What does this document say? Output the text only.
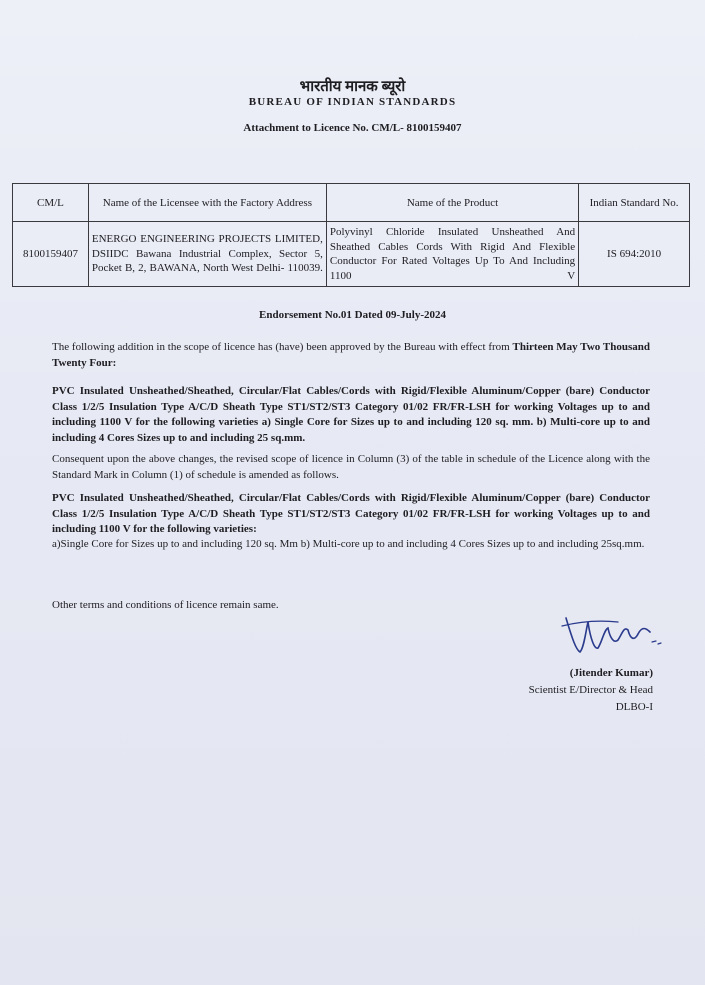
भारतीय मानक ब्यूरो
BUREAU OF INDIAN STANDARDS
Attachment to Licence No. CM/L- 8100159407
CM/L	Name of the Licensee with the Factory Address	Name of the Product	Indian Standard No.
8100159407	ENERGO ENGINEERING PROJECTS LIMITED, DSIIDC Bawana Industrial Complex, Sector 5, Pocket B, 2, BAWANA, North West Delhi- 110039.	Polyvinyl Chloride Insulated Unsheathed And Sheathed Cables Cords With Rigid And Flexible Conductor For Rated Voltages Up To And Including 1100 V	IS 694:2010
Endorsement No.01 Dated 09-July-2024
The following addition in the scope of licence has (have) been approved by the Bureau with effect from Thirteen May Two Thousand Twenty Four:
PVC Insulated Unsheathed/Sheathed, Circular/Flat Cables/Cords with Rigid/Flexible Aluminum/Copper (bare) Conductor Class 1/2/5 Insulation Type A/C/D Sheath Type ST1/ST2/ST3 Category 01/02 FR/FR-LSH for working Voltages up to and including 1100 V for the following varieties a) Single Core for Sizes up to and including 120 sq. mm. b) Multi-core up to and including 4 Cores Sizes up to and including 25 sq.mm.
Consequent upon the above changes, the revised scope of licence in Column (3) of the table in schedule of the Licence along with the Standard Mark in Column (1) of schedule is amended as follows.
PVC Insulated Unsheathed/Sheathed, Circular/Flat Cables/Cords with Rigid/Flexible Aluminum/Copper (bare) Conductor Class 1/2/5 Insulation Type A/C/D Sheath Type ST1/ST2/ST3 Category 01/02 FR/FR-LSH for working Voltages up to and including 1100 V for the following varieties:
a)Single Core for Sizes up to and including 120 sq. Mm b) Multi-core up to and including 4 Cores Sizes up to and including 25sq.mm.
Other terms and conditions of licence remain same.
(Jitender Kumar)
Scientist E/Director & Head
DLBO-I
